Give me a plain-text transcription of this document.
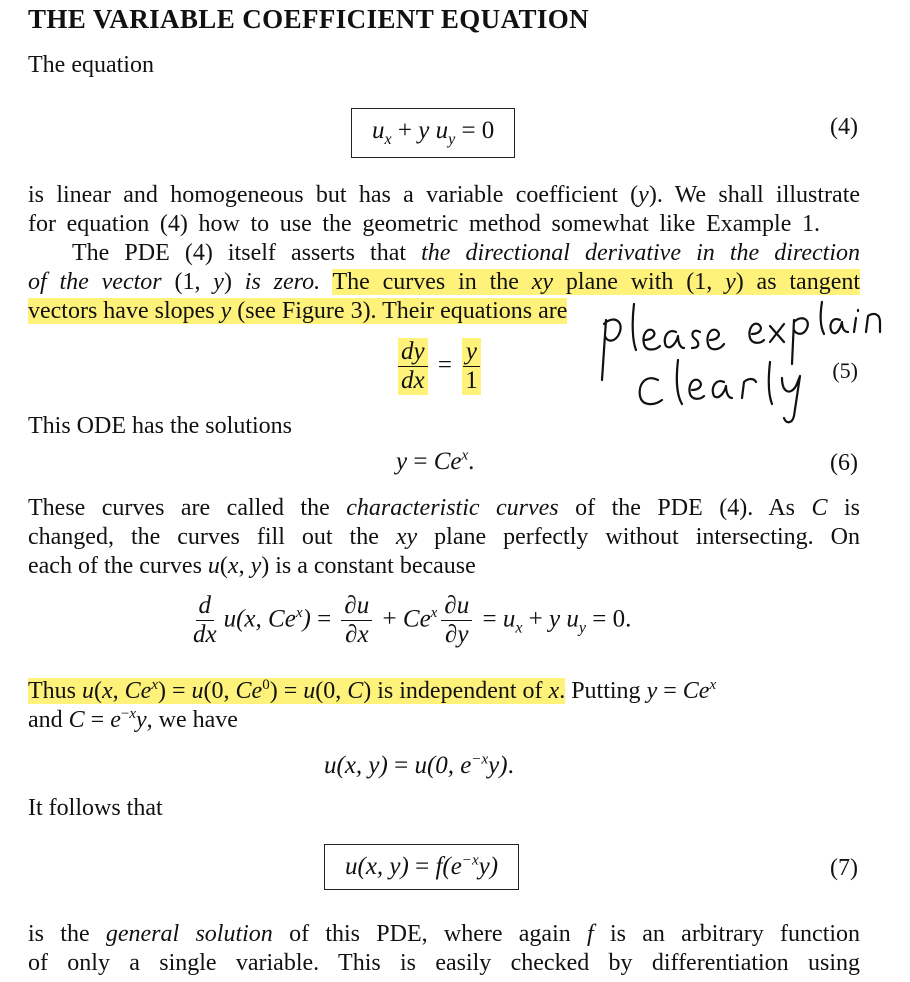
THE VARIABLE COEFFICIENT EQUATION
The equation
$u_x + y$ $u_y = 0$	(4)
is linear and homogeneous but has a variable coefficient (y). We shall illustrate
for equation (4) how to use the geometric method somewhat like Example 1.
The PDE (4) itself asserts that the directional derivative in the direction
of the vector (1, y) is zero. The curves in the xy plane with (1, y) as tangent
vectors have slopes y (see Figure 3). Their equations are
$\frac{dy}{dx} = \frac{y}{1}$	(5)
This ODE has the solutions
$y = Ce^x$.	(6)
These curves are called the characteristic curves of the PDE (4). As C is
changed, the curves fill out the xy plane perfectly without intersecting. On
each of the curves u(x, y) is a constant because
$\frac{d}{dx} u(x$, $Ce^x) = \frac{\partial u}{\partial x} + Ce^x \frac{\partial u}{\partial y} = u_x + y$ $u_y = 0$.
Thus u(x, $Ce^x) = u(0$, $Ce^0) = u(0$, C) is independent of x. Putting $y = Ce^x$
and $C = e^{-x}y$, we have
u(x, y) = u(0, $e^{-x}y$).
It follows that
u(x, $y) = f(e^{-x}y)$	(7)
is the general solution of this PDE, where again f is an arbitrary function
of only a single variable. This is easily checked by differentiation using
